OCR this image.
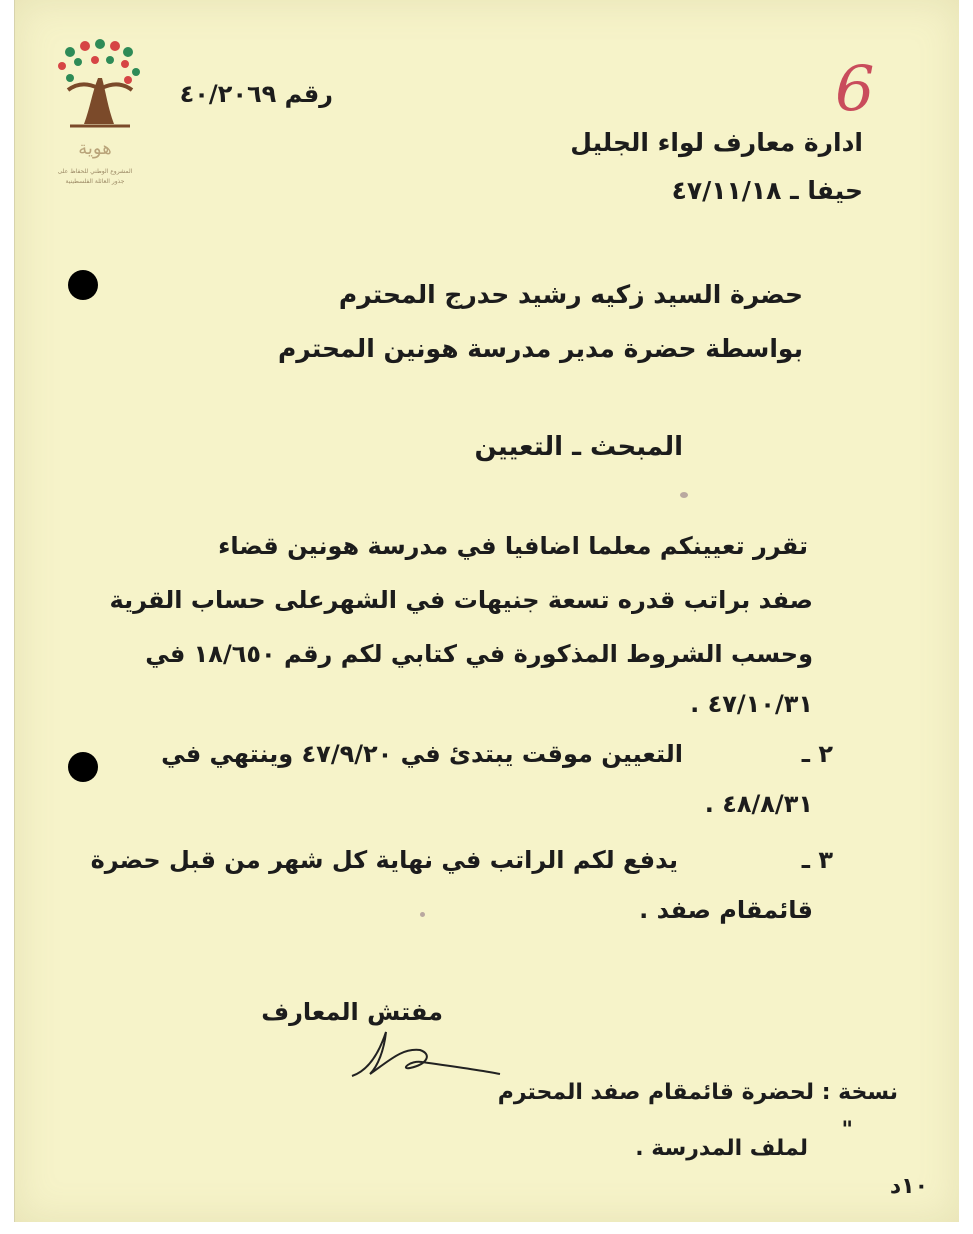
هوية
المشروع الوطني للحفاظ على
جذور العائلة الفلسطينية
رقم ٤٠/٢٠٦٩	6
ادارة معارف لواء الجليل
حيفا ـ ٤٧/١١/١٨
حضرة السيد زكيه رشيد حدرج المحترم
بواسطة حضرة مدير مدرسة هونين المحترم
المبحث ـ التعيين
تقرر تعيينكم معلما اضافيا في مدرسة هونين قضاء
صفد براتب قدره تسعة جنيهات في الشهرعلى حساب القرية
وحسب الشروط المذكورة في كتابي لكم رقم ١٨/٦٥٠ في
٤٧/١٠/٣١ .
٢ ـ
التعيين موقت يبتدئ في ٤٧/٩/٢٠ وينتهي في
٤٨/٨/٣١ .
٣ ـ
يدفع لكم الراتب في نهاية كل شهر من قبل حضرة
قائمقام صفد .
مفتش المعارف
نسخة : لحضرة قائمقام صفد المحترم
"
لملف المدرسة .
١٠د
